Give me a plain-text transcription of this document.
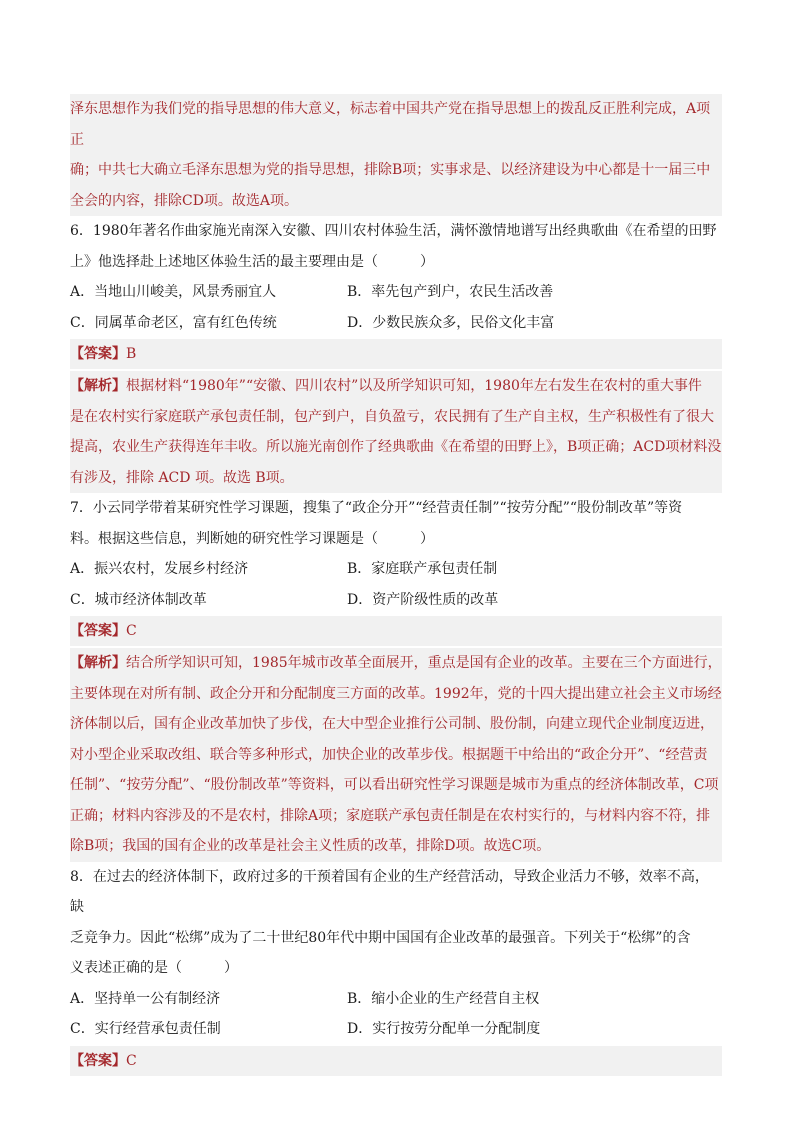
泽东思想作为我们党的指导思想的伟大意义，标志着中国共产党在指导思想上的拨乱反正胜利完成，A项正
确；中共七大确立毛泽东思想为党的指导思想，排除B项；实事求是、以经济建设为中心都是十一届三中
全会的内容，排除CD项。故选A项。
6．1980年著名作曲家施光南深入安徽、四川农村体验生活，满怀激情地谱写出经典歌曲《在希望的田野
上》他选择赴上述地区体验生活的最主要理由是（　　　）
A．当地山川峻美，风景秀丽宜人	B．率先包产到户，农民生活改善
C．同属革命老区，富有红色传统	D．少数民族众多，民俗文化丰富
【答案】B
【解析】根据材料“1980年”“安徽、四川农村”以及所学知识可知，1980年左右发生在农村的重大事件
是在农村实行家庭联产承包责任制，包产到户，自负盈亏，农民拥有了生产自主权，生产积极性有了很大
提高，农业生产获得连年丰收。所以施光南创作了经典歌曲《在希望的田野上》，B项正确；ACD项材料没
有涉及，排除 ACD 项。故选 B项。
7．小云同学带着某研究性学习课题，搜集了“政企分开”“经营责任制”“按劳分配”“股份制改革”等资
料。根据这些信息，判断她的研究性学习课题是（　　　）
A．振兴农村，发展乡村经济	B．家庭联产承包责任制
C．城市经济体制改革	D．资产阶级性质的改革
【答案】C
【解析】结合所学知识可知，1985年城市改革全面展开，重点是国有企业的改革。主要在三个方面进行，
主要体现在对所有制、政企分开和分配制度三方面的改革。1992年，党的十四大提出建立社会主义市场经
济体制以后，国有企业改革加快了步伐，在大中型企业推行公司制、股份制，向建立现代企业制度迈进，
对小型企业采取改组、联合等多种形式，加快企业的改革步伐。根据题干中给出的“政企分开”、“经营责
任制”、“按劳分配”、“股份制改革”等资料，可以看出研究性学习课题是城市为重点的经济体制改革，C项
正确；材料内容涉及的不是农村，排除A项；家庭联产承包责任制是在农村实行的，与材料内容不符，排
除B项；我国的国有企业的改革是社会主义性质的改革，排除D项。故选C项。
8．在过去的经济体制下，政府过多的干预着国有企业的生产经营活动，导致企业活力不够，效率不高，缺
乏竞争力。因此“松绑”成为了二十世纪80年代中期中国国有企业改革的最强音。下列关于“松绑”的含
义表述正确的是（　　　）
A．坚持单一公有制经济	B．缩小企业的生产经营自主权
C．实行经营承包责任制	D．实行按劳分配单一分配制度
【答案】C
